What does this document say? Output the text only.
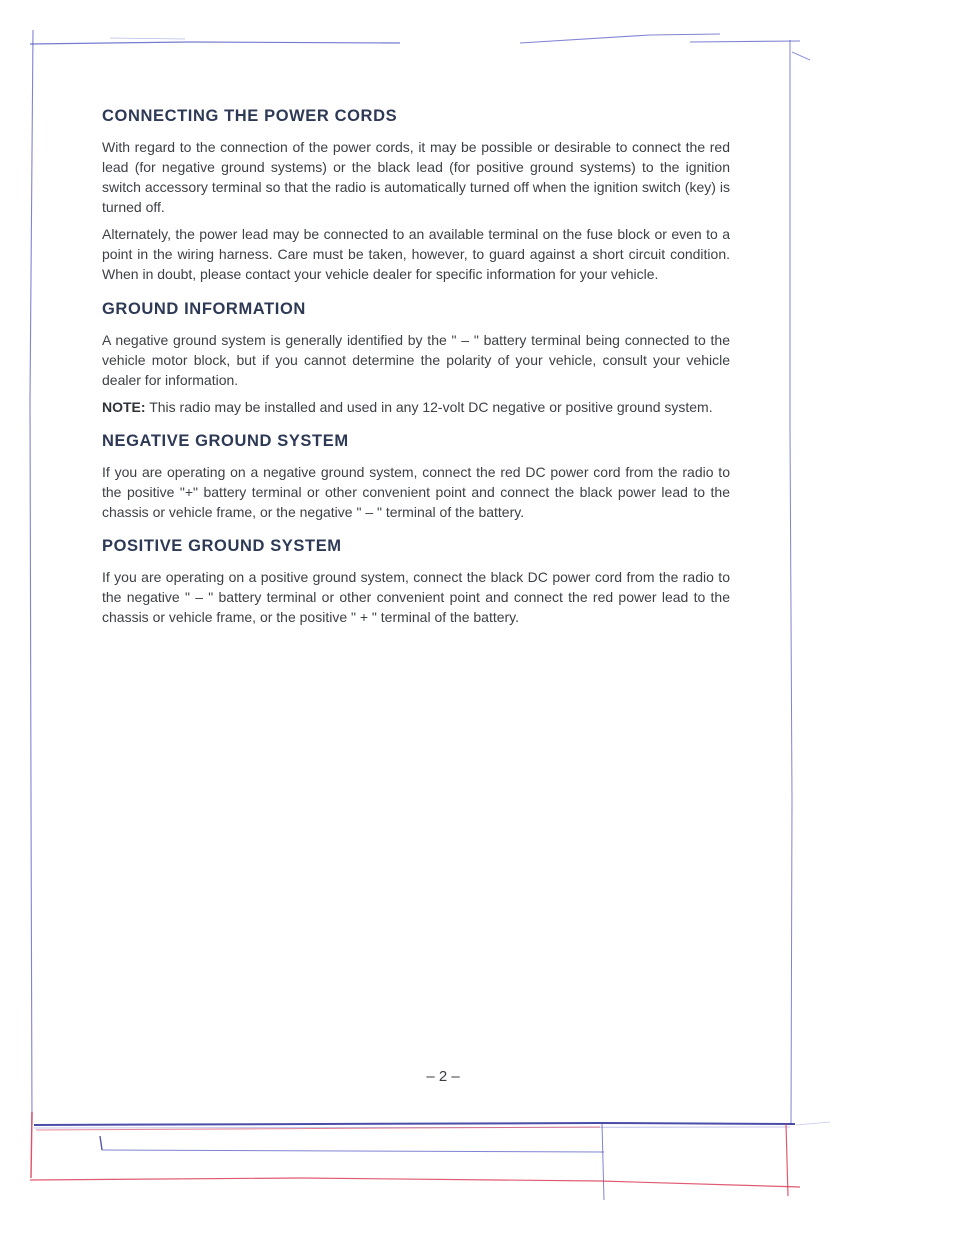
CONNECTING THE POWER CORDS

With regard to the connection of the power cords, it may be possible or desirable to connect the red lead (for negative ground systems) or the black lead (for positive ground systems) to the ignition switch accessory terminal so that the radio is automatically turned off when the ignition switch (key) is turned off.

Alternately, the power lead may be connected to an available terminal on the fuse block or even to a point in the wiring harness. Care must be taken, however, to guard against a short circuit condition. When in doubt, please contact your vehicle dealer for specific information for your vehicle.

GROUND INFORMATION

A negative ground system is generally identified by the " – " battery terminal being connected to the vehicle motor block, but if you cannot determine the polarity of your vehicle, consult your vehicle dealer for information.

NOTE: This radio may be installed and used in any 12-volt DC negative or positive ground system.

NEGATIVE GROUND SYSTEM

If you are operating on a negative ground system, connect the red DC power cord from the radio to the positive "+" battery terminal or other convenient point and connect the black power lead to the chassis or vehicle frame, or the negative " – " terminal of the battery.

POSITIVE GROUND SYSTEM

If you are operating on a positive ground system, connect the black DC power cord from the radio to the negative " – " battery terminal or other convenient point and connect the red power lead to the chassis or vehicle frame, or the positive " + " terminal of the battery.

– 2 –
